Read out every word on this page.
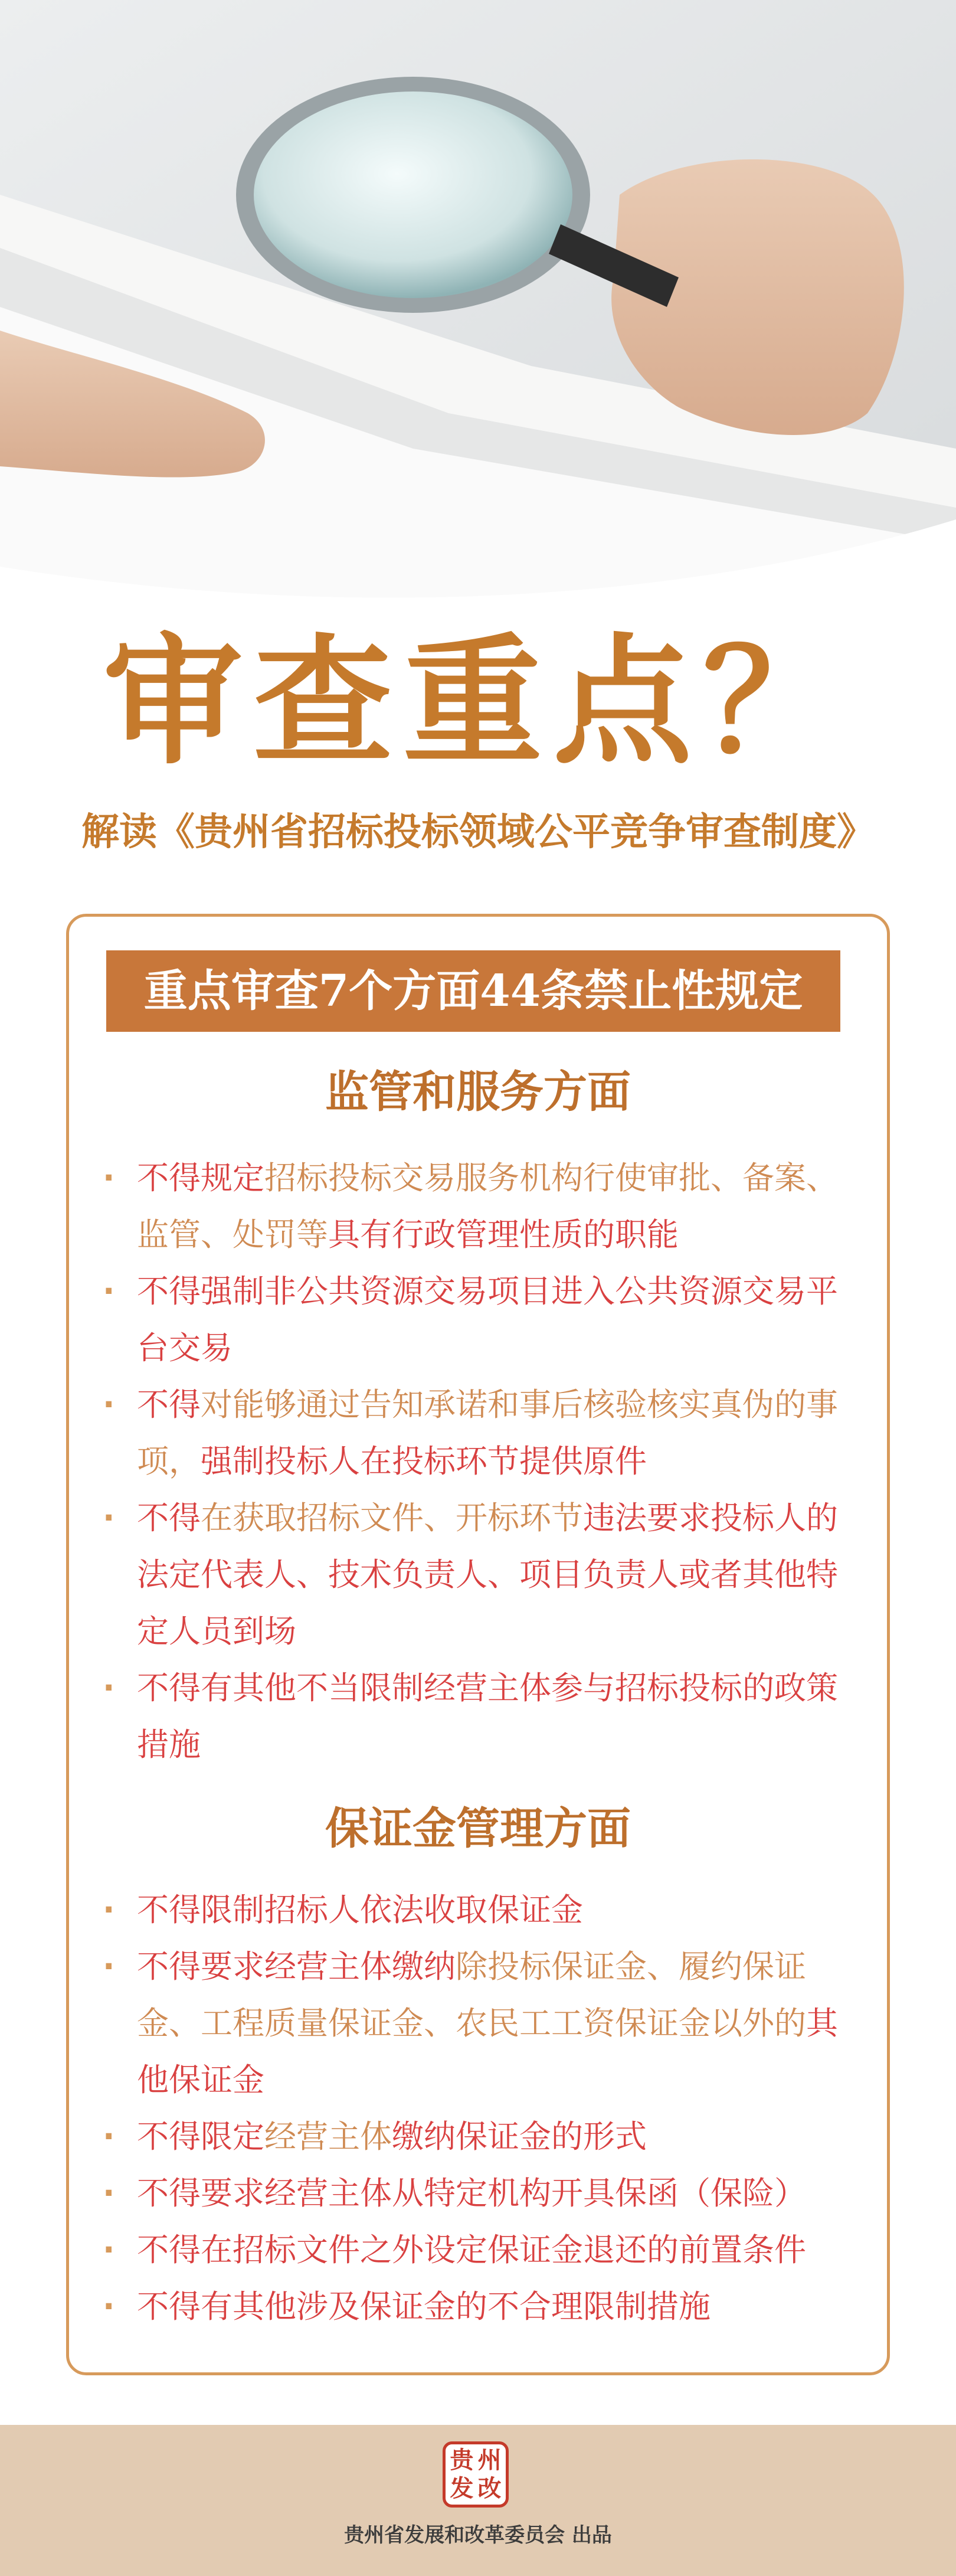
审查重点？
解读《贵州省招标投标领域公平竞争审查制度》
重点审查7个方面44条禁止性规定
监管和服务方面
· 不得规定招标投标交易服务机构行使审批、备案、监管、处罚等具有行政管理性质的职能
· 不得强制非公共资源交易项目进入公共资源交易平台交易
· 不得对能够通过告知承诺和事后核验核实真伪的事项，强制投标人在投标环节提供原件
· 不得在获取招标文件、开标环节违法要求投标人的法定代表人、技术负责人、项目负责人或者其他特定人员到场
· 不得有其他不当限制经营主体参与招标投标的政策措施
保证金管理方面
· 不得限制招标人依法收取保证金
· 不得要求经营主体缴纳除投标保证金、履约保证金、工程质量保证金、农民工工资保证金以外的其他保证金
· 不得限定经营主体缴纳保证金的形式
· 不得要求经营主体从特定机构开具保函（保险）
· 不得在招标文件之外设定保证金退还的前置条件
· 不得有其他涉及保证金的不合理限制措施
贵 州
发 改
贵州省发展和改革委员会 出品
